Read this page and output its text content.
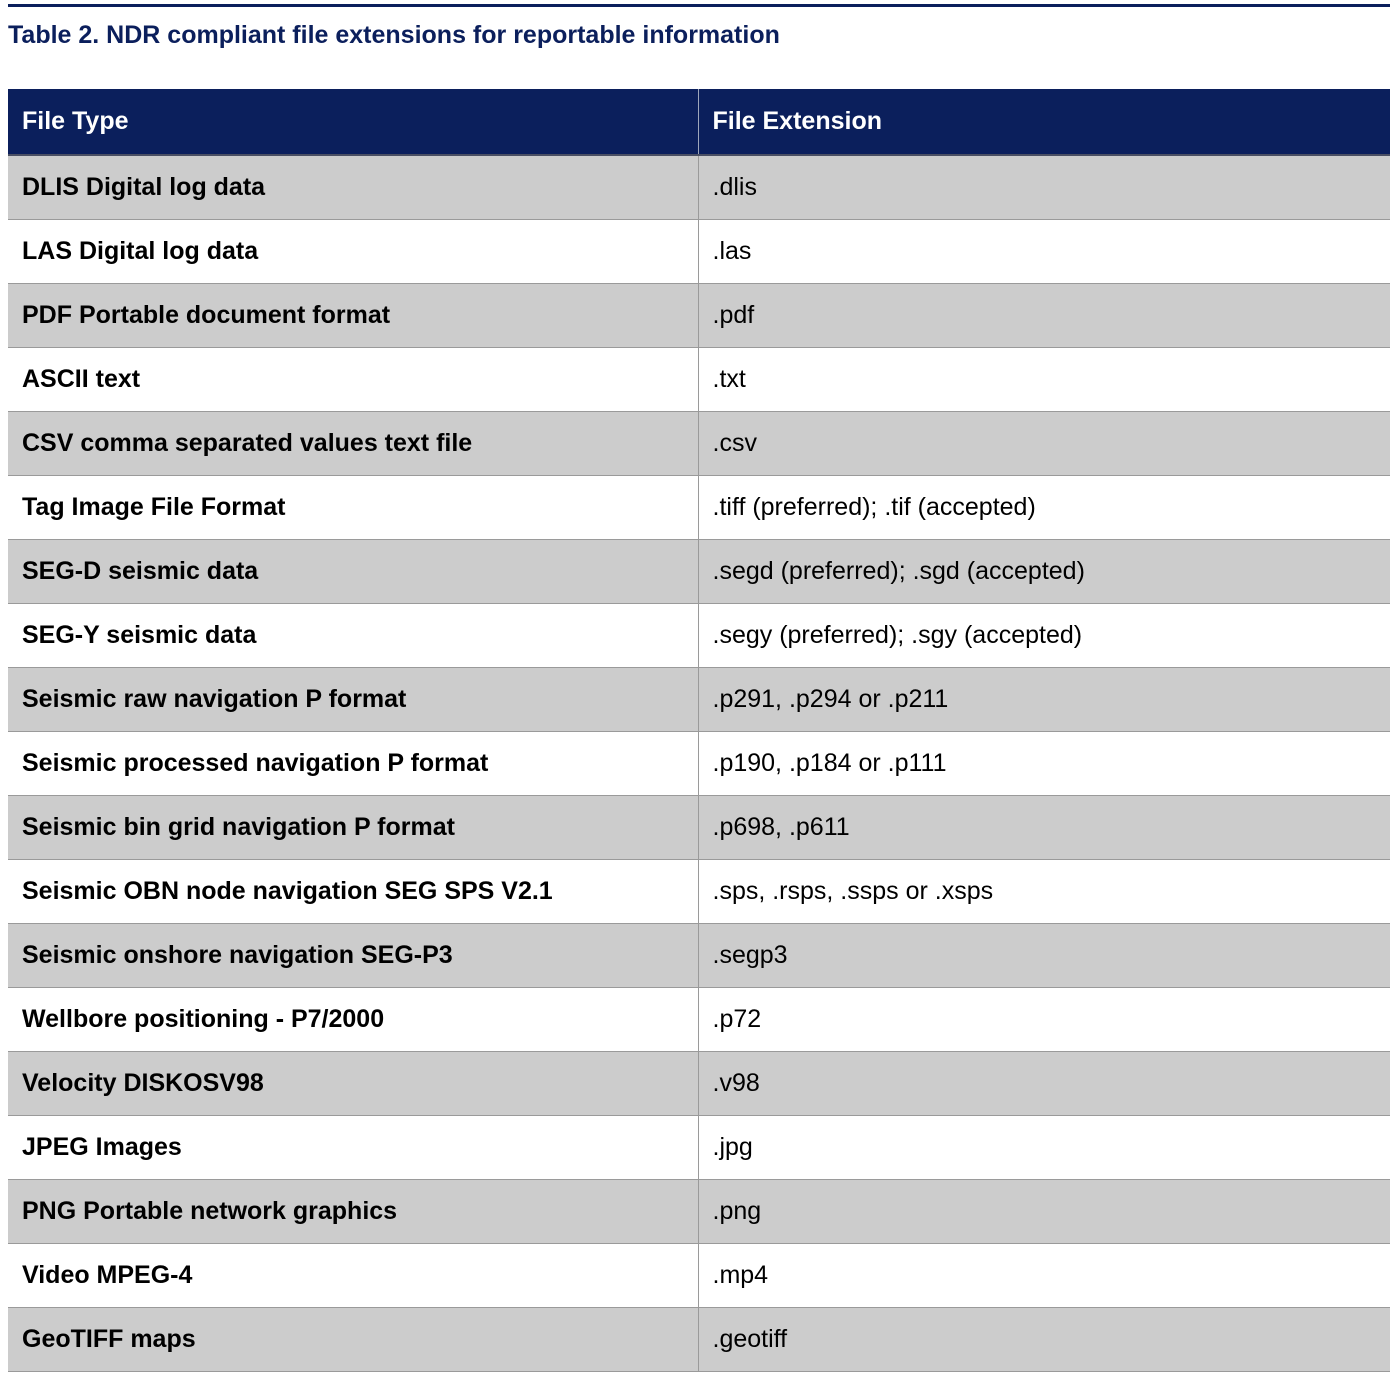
Table 2. NDR compliant file extensions for reportable information
File Type	File Extension
DLIS Digital log data	.dlis
LAS Digital log data	.las
PDF Portable document format	.pdf
ASCII text	.txt
CSV comma separated values text file	.csv
Tag Image File Format	.tiff (preferred); .tif (accepted)
SEG-D seismic data	.segd (preferred); .sgd (accepted)
SEG-Y seismic data	.segy (preferred); .sgy (accepted)
Seismic raw navigation P format	.p291, .p294 or .p211
Seismic processed navigation P format	.p190, .p184 or .p111
Seismic bin grid navigation P format	.p698, .p611
Seismic OBN node navigation SEG SPS V2.1	.sps, .rsps, .ssps or .xsps
Seismic onshore navigation SEG-P3	.segp3
Wellbore positioning - P7/2000	.p72
Velocity DISKOSV98	.v98
JPEG Images	.jpg
PNG Portable network graphics	.png
Video MPEG-4	.mp4
GeoTIFF maps	.geotiff
